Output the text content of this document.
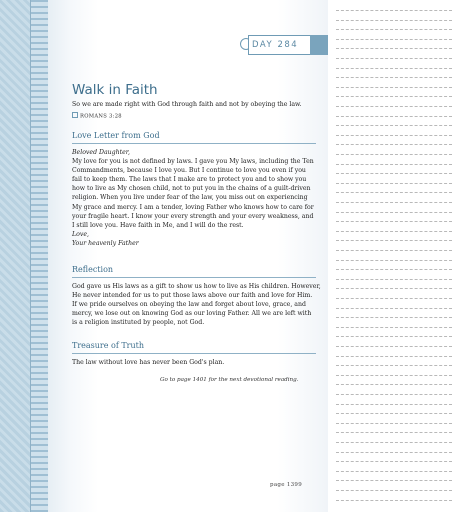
DAY 284
Walk in Faith
So we are made right with God through faith and not by obeying the law.
ROMANS 3:28
Love Letter from God
Beloved Daughter,
My love for you is not defined by laws. I gave you My laws, including the Ten
Commandments, because I love you. But I continue to love you even if you
fail to keep them. The laws that I make are to protect you and to show you
how to live as My chosen child, not to put you in the chains of a guilt-driven
religion. When you live under fear of the law, you miss out on experiencing
My grace and mercy. I am a tender, loving Father who knows how to care for
your fragile heart. I know your every strength and your every weakness, and
I still love you. Have faith in Me, and I will do the rest.
Love,
Your heavenly Father
Reflection
God gave us His laws as a gift to show us how to live as His children. However,
He never intended for us to put those laws above our faith and love for Him.
If we pride ourselves on obeying the law and forget about love, grace, and
mercy, we lose out on knowing God as our loving Father. All we are left with
is a religion instituted by people, not God.
Treasure of Truth
The law without love has never been God's plan.
Go to page 1401 for the next devotional reading.
page 1399
